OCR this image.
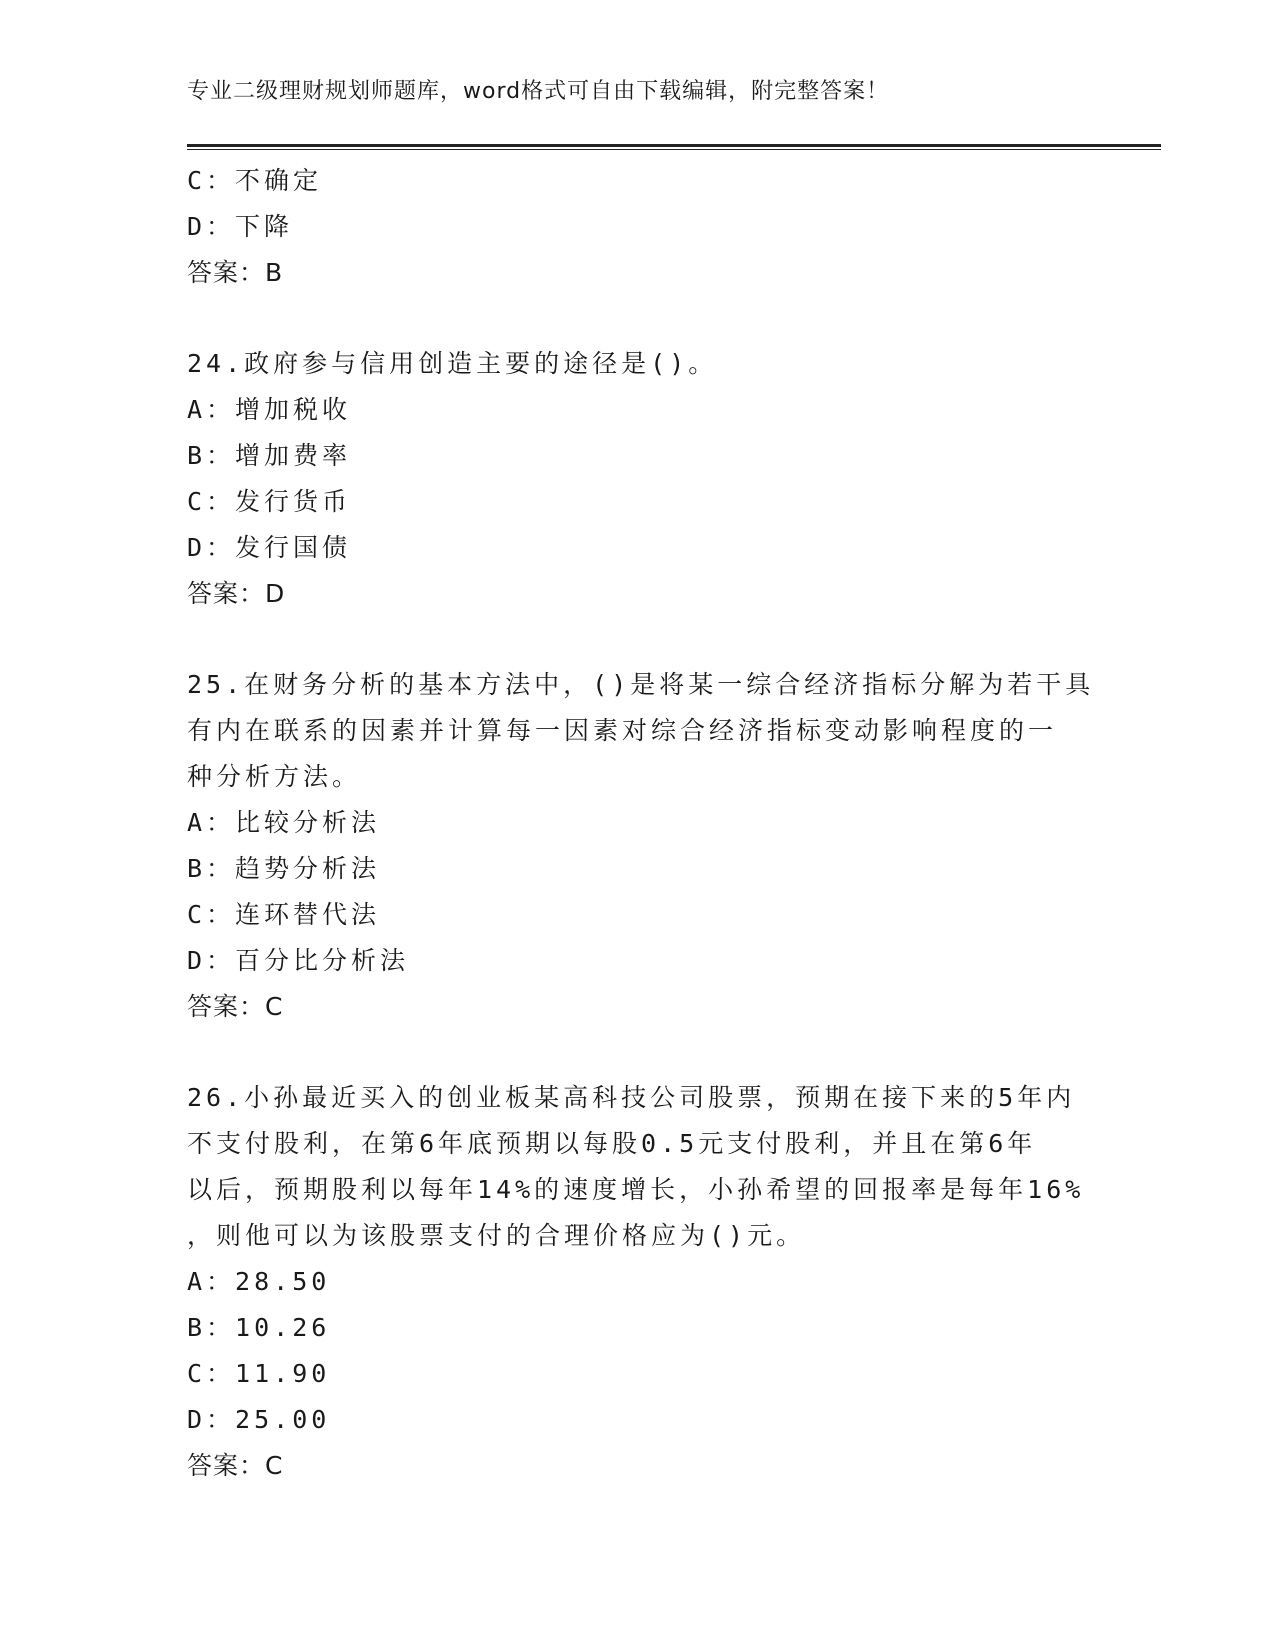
专业二级理财规划师题库，word格式可自由下载编辑，附完整答案！
C：不确定
D：下降
答案：B
24.政府参与信用创造主要的途径是()。
A：增加税收
B：增加费率
C：发行货币
D：发行国债
答案：D
25.在财务分析的基本方法中，()是将某一综合经济指标分解为若干具
有内在联系的因素并计算每一因素对综合经济指标变动影响程度的一
种分析方法。
A：比较分析法
B：趋势分析法
C：连环替代法
D：百分比分析法
答案：C
26.小孙最近买入的创业板某高科技公司股票，预期在接下来的5年内
不支付股利，在第6年底预期以每股0.5元支付股利，并且在第6年
以后，预期股利以每年14%的速度增长，小孙希望的回报率是每年16%
，则他可以为该股票支付的合理价格应为()元。
A：28.50
B：10.26
C：11.90
D：25.00
答案：C
